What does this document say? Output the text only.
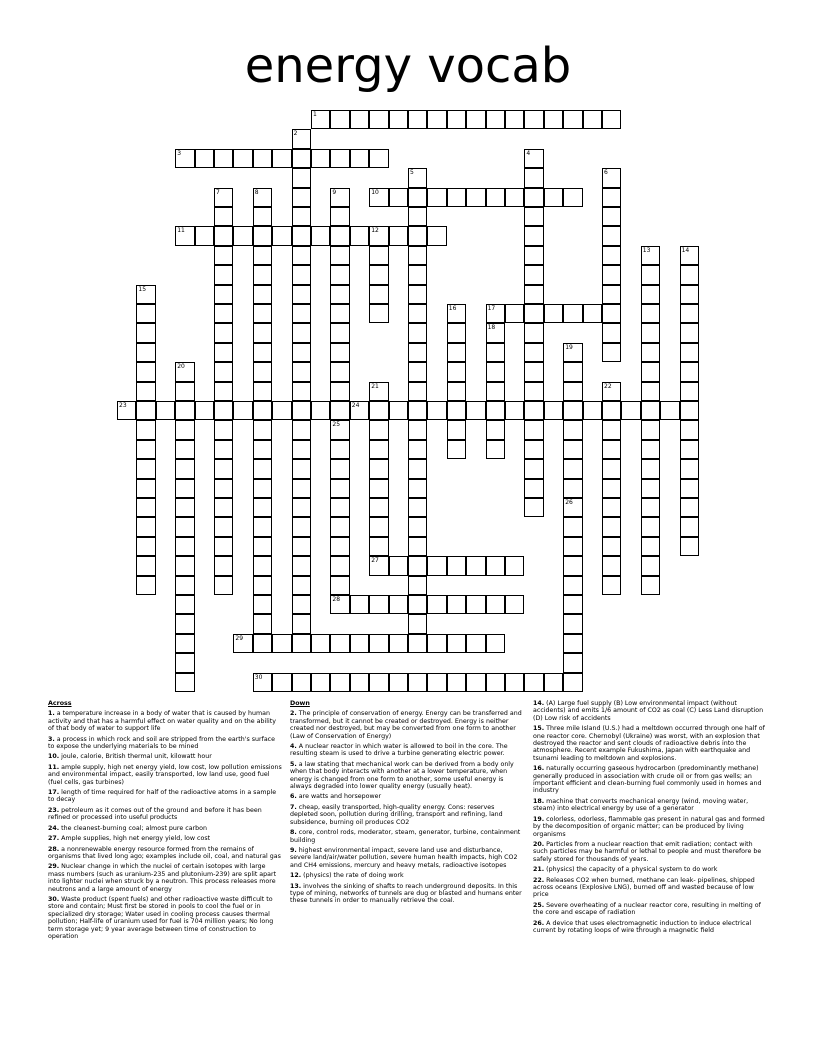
energy vocab
1
2
3	4
5	6
7	8	9
25
10
11	12
13	14
15
16	17
18
19
26
20
21
27
22
23	24
28
29
30
Across
1. a temperature increase in a body of water that is caused by human activity and that has a harmful effect on water quality and on the ability of that body of water to support life
3. a process in which rock and soil are stripped from the earth's surface to expose the underlying materials to be mined
10. joule, calorie, British thermal unit, kilowatt hour
11. ample supply, high net energy yield, low cost, low pollution emissions and environmental impact, easily transported, low land use, good fuel (fuel cells, gas turbines)
17. length of time required for half of the radioactive atoms in a sample to decay
23. petroleum as it comes out of the ground and before it has been refined or processed into useful products
24. the cleanest-burning coal; almost pure carbon
27. Ample supplies, high net energy yield, low cost
28. a nonrenewable energy resource formed from the remains of organisms that lived long ago; examples include oil, coal, and natural gas
29. Nuclear change in which the nuclei of certain isotopes with large mass numbers (such as uranium-235 and plutonium-239) are split apart into lighter nuclei when struck by a neutron. This process releases more neutrons and a large amount of energy
30. Waste product (spent fuels) and other radioactive waste difficult to store and contain; Must first be stored in pools to cool the fuel or in specialized dry storage; Water used in cooling process causes thermal pollution; Half-life of uranium used for fuel is 704 million years; No long term storage yet; 9 year average between time of construction to operation
Down
2. The principle of conservation of energy. Energy can be transferred and transformed, but it cannot be created or destroyed. Energy is neither created nor destroyed, but may be converted from one form to another (Law of Conservation of Energy)
4. A nuclear reactor in which water is allowed to boil in the core. The resulting steam is used to drive a turbine generating electric power.
5. a law stating that mechanical work can be derived from a body only when that body interacts with another at a lower temperature, when energy is changed from one form to another, some useful energy is always degraded into lower quality energy (usually heat).
6. are watts and horsepower
7. cheap, easily transported, high-quality energy. Cons: reserves depleted soon, pollution during drilling, transport and refining, land subsidence, burning oil produces CO2
8. core, control rods, moderator, steam, generator, turbine, containment building
9. highest environmental impact, severe land use and disturbance, severe land/air/water pollution, severe human health impacts, high CO2 and CH4 emissions, mercury and heavy metals, radioactive isotopes
12. (physics) the rate of doing work
13. involves the sinking of shafts to reach underground deposits. In this type of mining, networks of tunnels are dug or blasted and humans enter these tunnels in order to manually retrieve the coal.
14. (A) Large fuel supply (B) Low environmental impact (without accidents) and emits 1/6 amount of CO2 as coal (C) Less Land disruption (D) Low risk of accidents
15. Three mile Island (U.S.) had a meltdown occurred through one half of one reactor core. Chernobyl (Ukraine) was worst, with an explosion that destroyed the reactor and sent clouds of radioactive debris into the atmosphere. Recent example Fukushima, Japan with earthquake and tsunami leading to meltdown and explosions.
16. naturally occurring gaseous hydrocarbon (predominantly methane) generally produced in association with crude oil or from gas wells; an important efficient and clean-burning fuel commonly used in homes and industry
18. machine that converts mechanical energy (wind, moving water, steam) into electrical energy by use of a generator
19. colorless, odorless, flammable gas present in natural gas and formed by the decomposition of organic matter; can be produced by living organisms
20. Particles from a nuclear reaction that emit radiation; contact with such particles may be harmful or lethal to people and must therefore be safely stored for thousands of years.
21. (physics) the capacity of a physical system to do work
22. Releases CO2 when burned, methane can leak- pipelines, shipped across oceans (Explosive LNG), burned off and wasted because of low price
25. Severe overheating of a nuclear reactor core, resulting in melting of the core and escape of radiation
26. A device that uses electromagnetic induction to induce electrical current by rotating loops of wire through a magnetic field
